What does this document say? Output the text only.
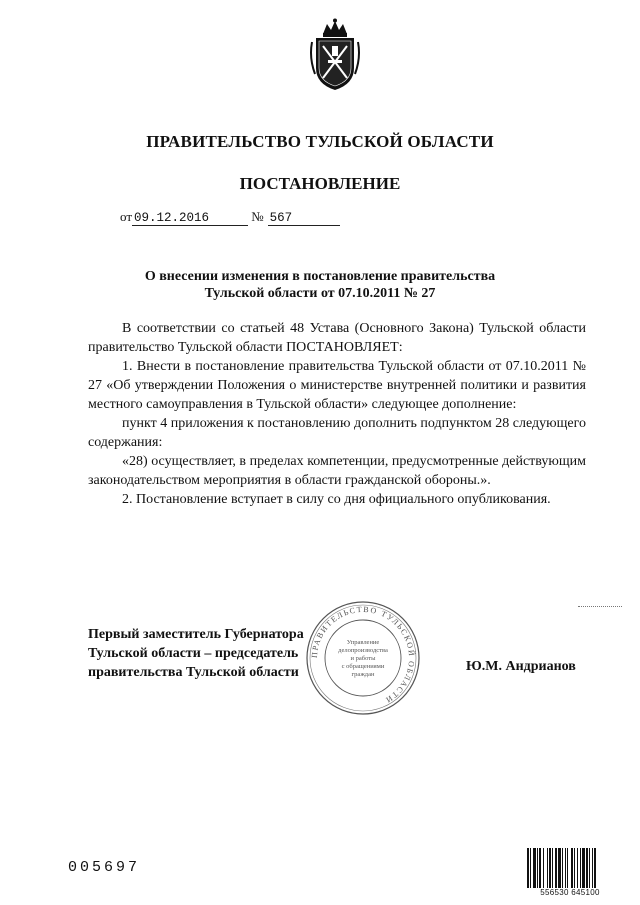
ПРАВИТЕЛЬСТВО ТУЛЬСКОЙ ОБЛАСТИ
ПОСТАНОВЛЕНИЕ
от 09.12.2016	№ 567
О внесении изменения в постановление правительства
Тульской области от 07.10.2011 № 27

В соответствии со статьей 48 Устава (Основного Закона) Тульской области правительство Тульской области ПОСТАНОВЛЯЕТ:

1. Внести в постановление правительства Тульской области от 07.10.2011 № 27 «Об утверждении Положения о министерстве внутренней политики и развития местного самоуправления в Тульской области» следующее дополнение:

пункт 4 приложения к постановлению дополнить подпунктом 28 следующего содержания:

«28) осуществляет, в пределах компетенции, предусмотренные действующим законодательством мероприятия в области гражданской обороны.».

2. Постановление вступает в силу со дня официального опубликования.

ПРАВИТЕЛЬСТВО ТУЛЬСКОЙ ОБЛАСТИ
Управление
делопроизводства
и работы
с обращениями
граждан
Первый заместитель Губернатора
Тульской области – председатель
правительства Тульской области	Ю.М. Андрианов
005697
556530 645100
